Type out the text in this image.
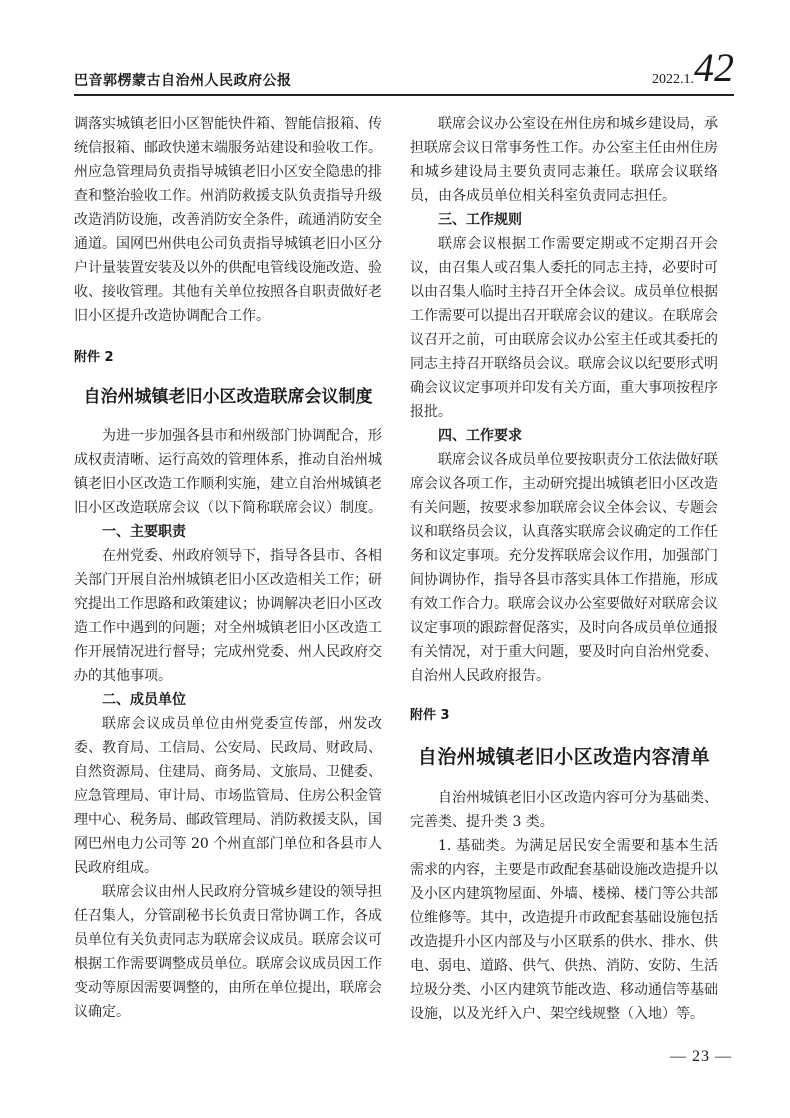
巴音郭楞蒙古自治州人民政府公报	2022.1. 42

调落实城镇老旧小区智能快件箱、智能信报箱、传统信报箱、邮政快递末端服务站建设和验收工作。州应急管理局负责指导城镇老旧小区安全隐患的排查和整治验收工作。州消防救援支队负责指导升级改造消防设施，改善消防安全条件，疏通消防安全通道。国网巴州供电公司负责指导城镇老旧小区分户计量装置安装及以外的供配电管线设施改造、验收、接收管理。其他有关单位按照各自职责做好老旧小区提升改造协调配合工作。

附件 2

自治州城镇老旧小区改造联席会议制度

为进一步加强各县市和州级部门协调配合，形成权责清晰、运行高效的管理体系，推动自治州城镇老旧小区改造工作顺利实施，建立自治州城镇老旧小区改造联席会议（以下简称联席会议）制度。

一、主要职责

在州党委、州政府领导下，指导各县市、各相关部门开展自治州城镇老旧小区改造相关工作；研究提出工作思路和政策建议；协调解决老旧小区改造工作中遇到的问题；对全州城镇老旧小区改造工作开展情况进行督导；完成州党委、州人民政府交办的其他事项。

二、成员单位

联席会议成员单位由州党委宣传部，州发改委、教育局、工信局、公安局、民政局、财政局、自然资源局、住建局、商务局、文旅局、卫健委、应急管理局、审计局、市场监管局、住房公积金管理中心、税务局、邮政管理局、消防救援支队，国网巴州电力公司等 20 个州直部门单位和各县市人民政府组成。

联席会议由州人民政府分管城乡建设的领导担任召集人，分管副秘书长负责日常协调工作，各成员单位有关负责同志为联席会议成员。联席会议可根据工作需要调整成员单位。联席会议成员因工作变动等原因需要调整的，由所在单位提出，联席会议确定。

联席会议办公室设在州住房和城乡建设局，承担联席会议日常事务性工作。办公室主任由州住房和城乡建设局主要负责同志兼任。联席会议联络员，由各成员单位相关科室负责同志担任。

三、工作规则

联席会议根据工作需要定期或不定期召开会议，由召集人或召集人委托的同志主持，必要时可以由召集人临时主持召开全体会议。成员单位根据工作需要可以提出召开联席会议的建议。在联席会议召开之前，可由联席会议办公室主任或其委托的同志主持召开联络员会议。联席会议以纪要形式明确会议议定事项并印发有关方面，重大事项按程序报批。

四、工作要求

联席会议各成员单位要按职责分工依法做好联席会议各项工作，主动研究提出城镇老旧小区改造有关问题，按要求参加联席会议全体会议、专题会议和联络员会议，认真落实联席会议确定的工作任务和议定事项。充分发挥联席会议作用，加强部门间协调协作，指导各县市落实具体工作措施，形成有效工作合力。联席会议办公室要做好对联席会议议定事项的跟踪督促落实，及时向各成员单位通报有关情况，对于重大问题，要及时向自治州党委、自治州人民政府报告。

附件 3

自治州城镇老旧小区改造内容清单

自治州城镇老旧小区改造内容可分为基础类、完善类、提升类 3 类。

1. 基础类。为满足居民安全需要和基本生活需求的内容，主要是市政配套基础设施改造提升以及小区内建筑物屋面、外墙、楼梯、楼门等公共部位维修等。其中，改造提升市政配套基础设施包括改造提升小区内部及与小区联系的供水、排水、供电、弱电、道路、供气、供热、消防、安防、生活垃圾分类、小区内建筑节能改造、移动通信等基础设施，以及光纤入户、架空线规整（入地）等。

— 23 —
